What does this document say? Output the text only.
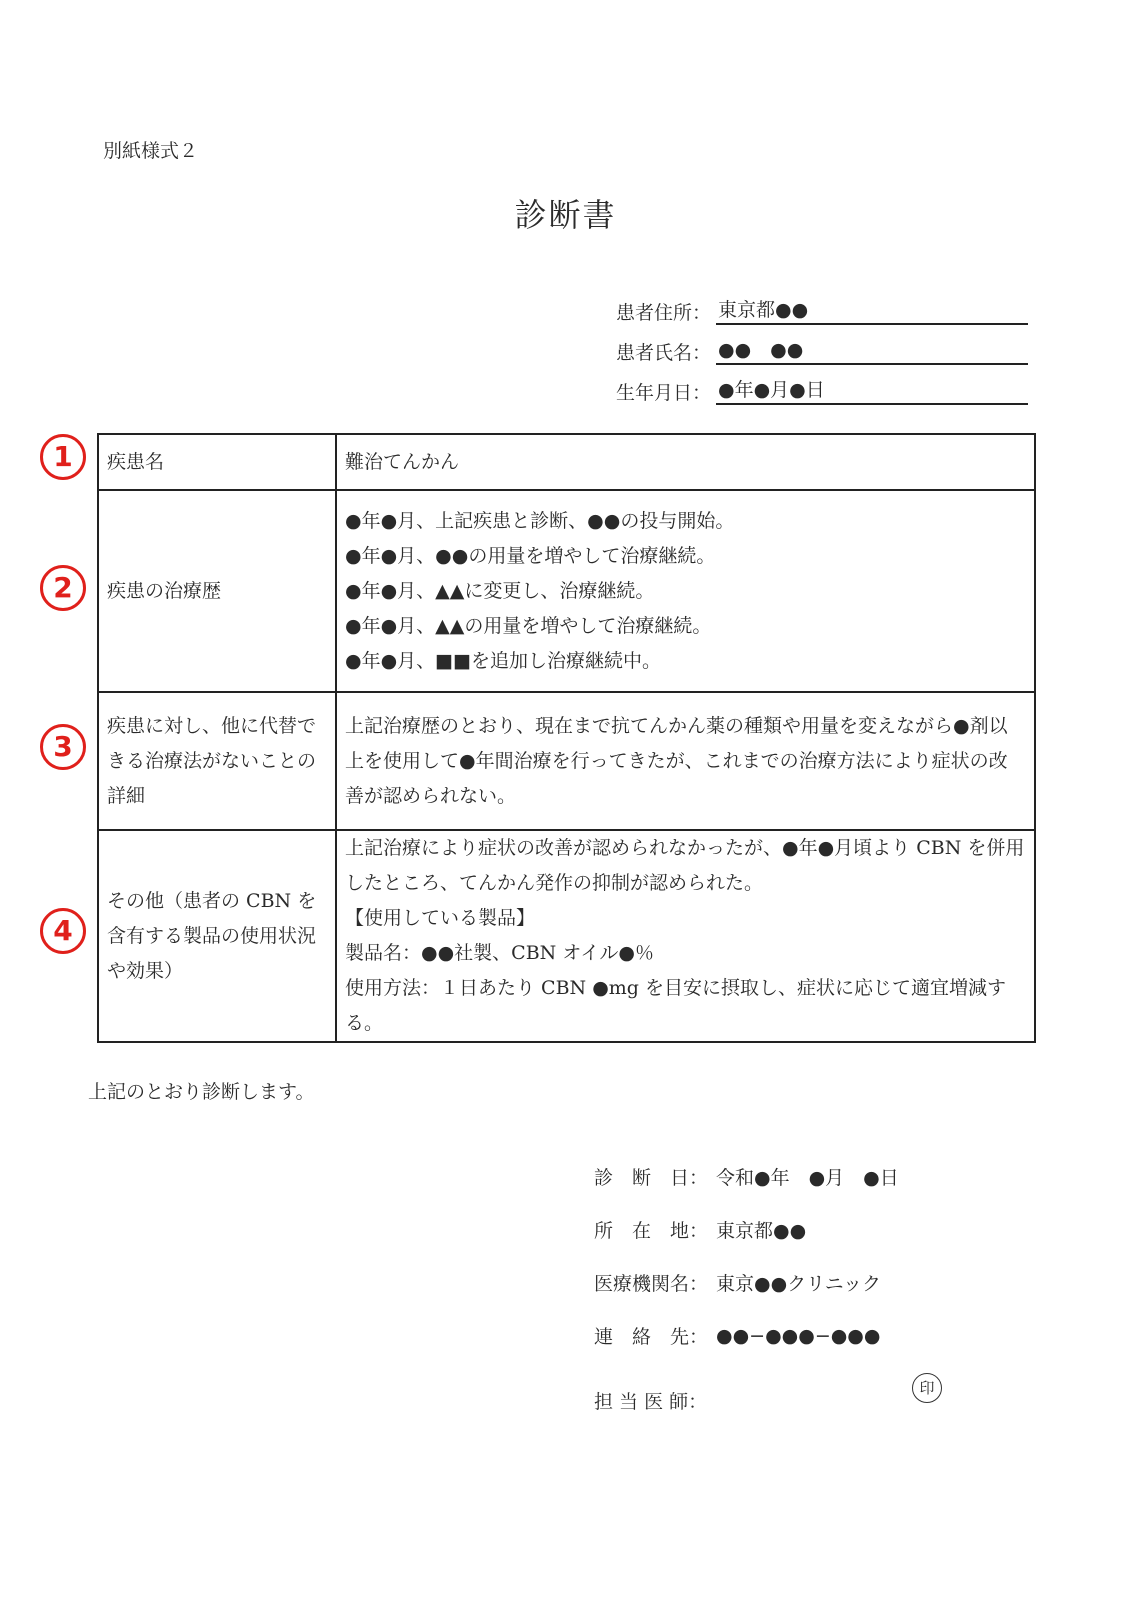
別紙様式２
診断書
患者住所： 東京都●●
患者氏名： ●●　●●
生年月日： ●年●月●日
1
2
3
4
疾患名	難治てんかん
疾患の治療歴	●年●月、上記疾患と診断、●●の投与開始。
●年●月、●●の用量を増やして治療継続。
●年●月、▲▲に変更し、治療継続。
●年●月、▲▲の用量を増やして治療継続。
●年●月、■■を追加し治療継続中。

疾患に対し、他に代替できる治療法がないことの詳細	上記治療歴のとおり、現在まで抗てんかん薬の種類や用量を変えながら●剤以上を使用して●年間治療を行ってきたが、これまでの治療方法により症状の改善が認められない。
その他（患者の CBN を含有する製品の使用状況や効果）	上記治療により症状の改善が認められなかったが、●年●月頃より CBN を併用したところ、てんかん発作の抑制が認められた。
【使用している製品】
製品名：●●社製、CBN オイル●％
使用方法：１日あたり CBN ●mg を目安に摂取し、症状に応じて適宜増減する。
上記のとおり診断します。
診　断　日： 令和●年　●月　●日
所　在　地： 東京都●●
医療機関名： 東京●●クリニック
連　絡　先： ●●−●●●−●●●
担 当 医 師：
印
